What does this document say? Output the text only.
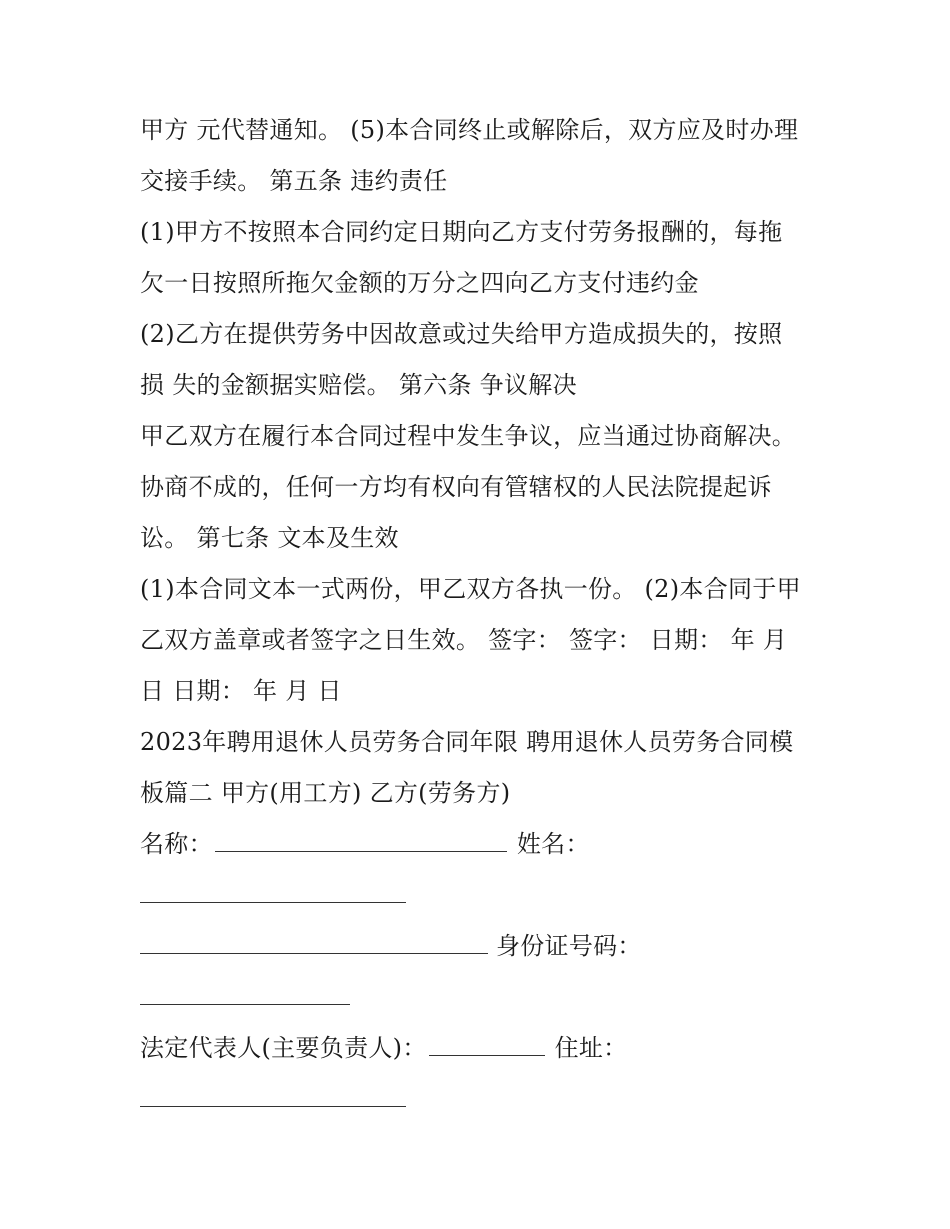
甲方 元代替通知。 (5)本合同终止或解除后，双方应及时办理
交接手续。 第五条 违约责任
(1)甲方不按照本合同约定日期向乙方支付劳务报酬的，每拖
欠一日按照所拖欠金额的万分之四向乙方支付违约金
(2)乙方在提供劳务中因故意或过失给甲方造成损失的，按照
损 失的金额据实赔偿。 第六条 争议解决
甲乙双方在履行本合同过程中发生争议，应当通过协商解决。
协商不成的，任何一方均有权向有管辖权的人民法院提起诉
讼。 第七条 文本及生效
(1)本合同文本一式两份，甲乙双方各执一份。 (2)本合同于甲
乙双方盖章或者签字之日生效。 签字： 签字： 日期： 年 月
日 日期： 年 月 日
2023年聘用退休人员劳务合同年限 聘用退休人员劳务合同模
板篇二 甲方(用工方) 乙方(劳务方)
名称：	姓名：
身份证号码：
法定代表人(主要负责人)：	住址：
